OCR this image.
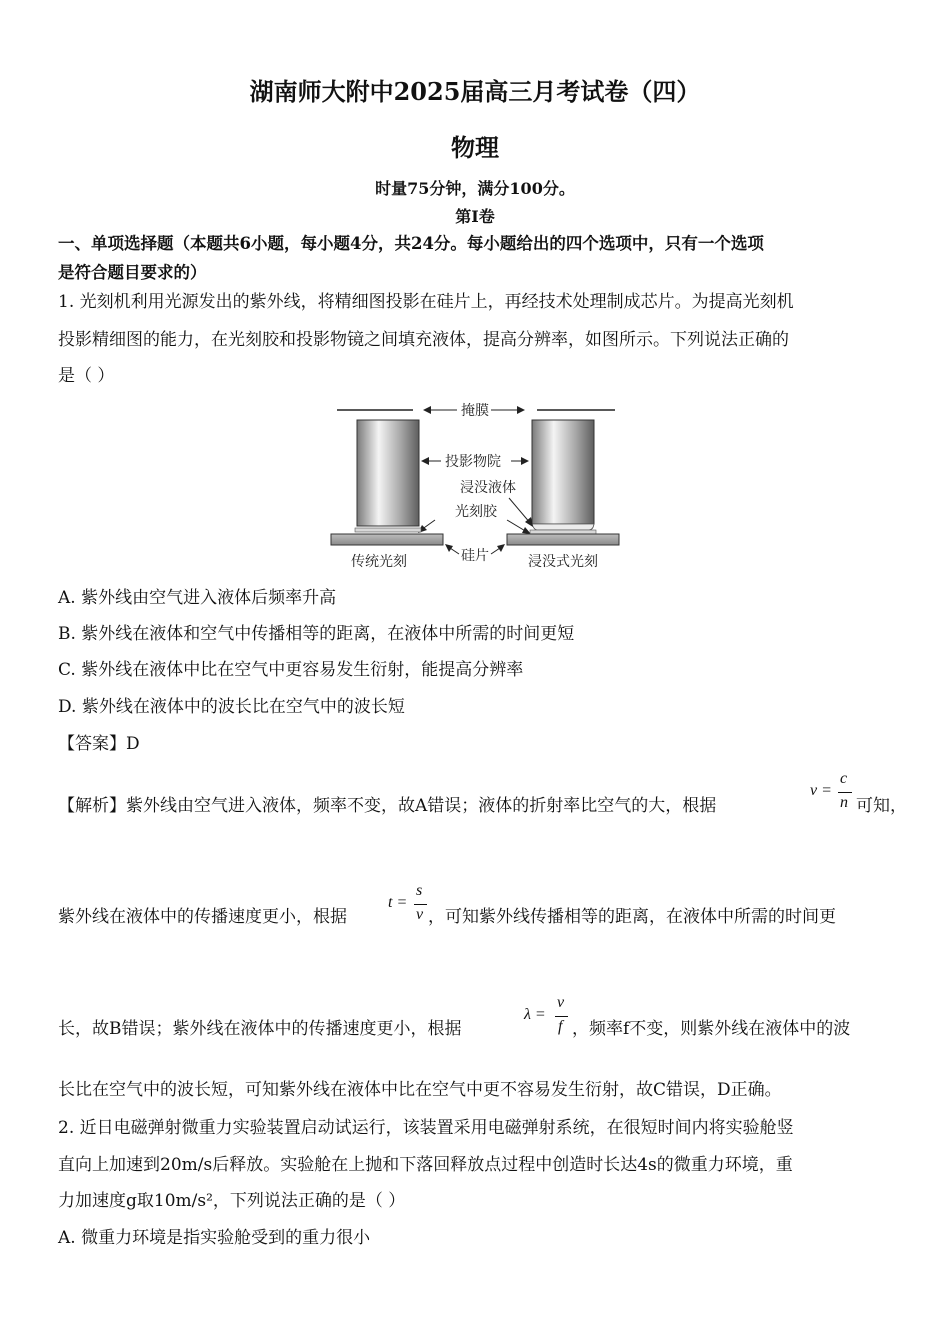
湖南师大附中2025届高三月考试卷（四）
物理
时量75分钟，满分100分。
第Ⅰ卷
一、单项选择题（本题共6小题，每小题4分，共24分。每小题给出的四个选项中，只有一个选项
是符合题目要求的）
1. 光刻机利用光源发出的紫外线，将精细图投影在硅片上，再经技术处理制成芯片。为提高光刻机
投影精细图的能力，在光刻胶和投影物镜之间填充液体，提高分辨率，如图所示。下列说法正确的
是（ ）
掩膜
投影物院
浸没液体
光刻胶
硅片
传统光刻	浸没式光刻
A. 紫外线由空气进入液体后频率升高
B. 紫外线在液体和空气中传播相等的距离，在液体中所需的时间更短
C. 紫外线在液体中比在空气中更容易发生衍射，能提高分辨率
D. 紫外线在液体中的波长比在空气中的波长短
【答案】D
【解析】紫外线由空气进入液体，频率不变，故A错误；液体的折射率比空气的大，根据
v =
c
n 可知，
紫外线在液体中的传播速度更小，根据
t =
s
v ，可知紫外线传播相等的距离，在液体中所需的时间更
长，故B错误；紫外线在液体中的传播速度更小，根据
λ =
v
f ，频率f不变，则紫外线在液体中的波
长比在空气中的波长短，可知紫外线在液体中比在空气中更不容易发生衍射，故C错误，D正确。
2. 近日电磁弹射微重力实验装置启动试运行，该装置采用电磁弹射系统，在很短时间内将实验舱竖
直向上加速到20m/s后释放。实验舱在上抛和下落回释放点过程中创造时长达4s的微重力环境，重
力加速度g取10m/s²，下列说法正确的是（ ）
A. 微重力环境是指实验舱受到的重力很小
